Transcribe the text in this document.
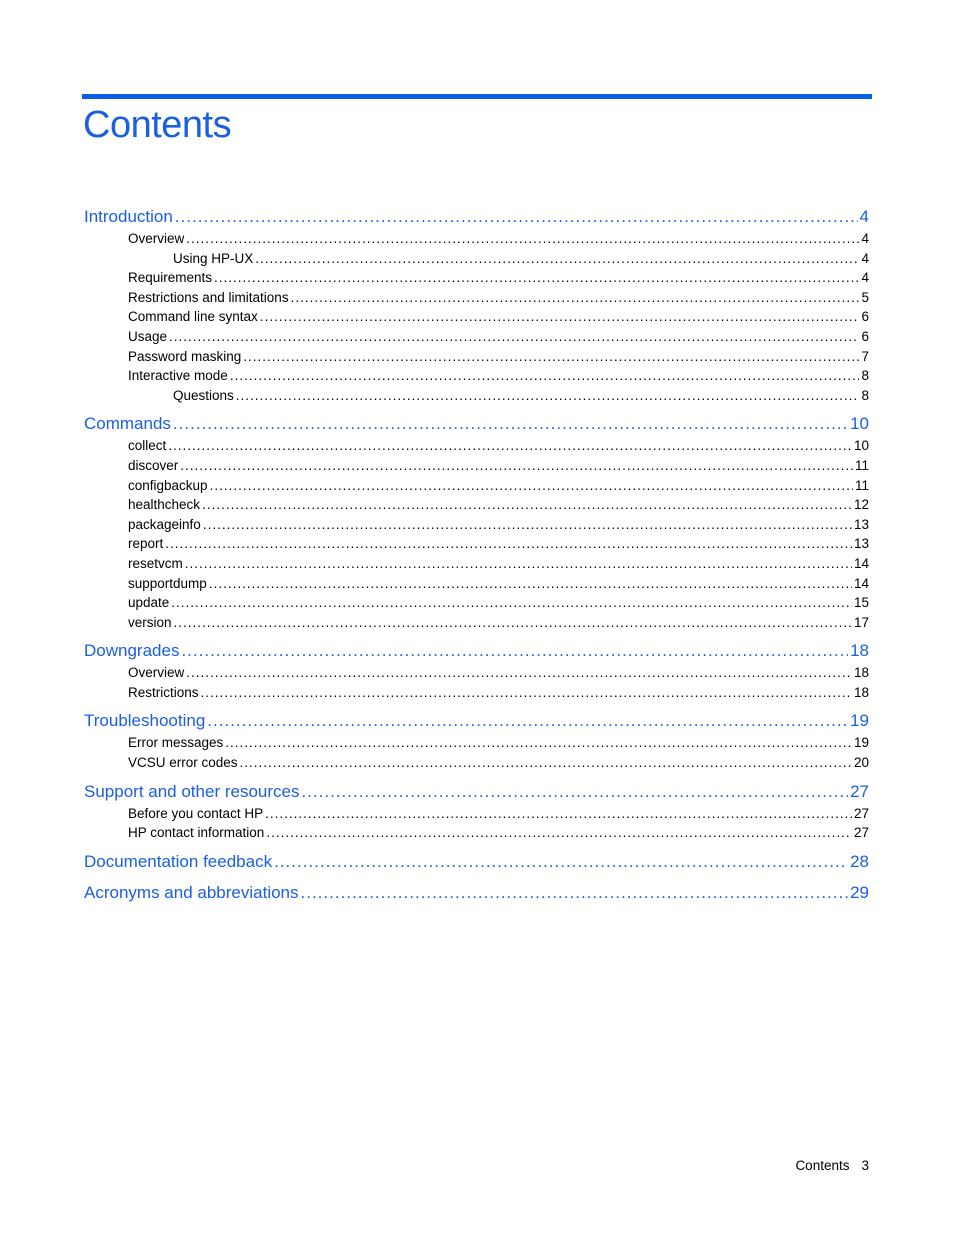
Contents
Introduction .....	4
Overview .....	4
Using HP-UX .....	4
Requirements .....	4
Restrictions and limitations .....	5
Command line syntax .....	6
Usage .....	6
Password masking .....	7
Interactive mode .....	8
Questions .....	8
Commands .....	10
collect .....	10
discover .....	11
configbackup .....	11
healthcheck .....	12
packageinfo .....	13
report .....	13
resetvcm .....	14
supportdump .....	14
update .....	15
version .....	17
Downgrades .....	18
Overview .....	18
Restrictions .....	18
Troubleshooting .....	19
Error messages .....	19
VCSU error codes .....	20
Support and other resources .....	27
Before you contact HP .....	27
HP contact information .....	27
Documentation feedback .....	28
Acronyms and abbreviations .....	29
Contents 3
